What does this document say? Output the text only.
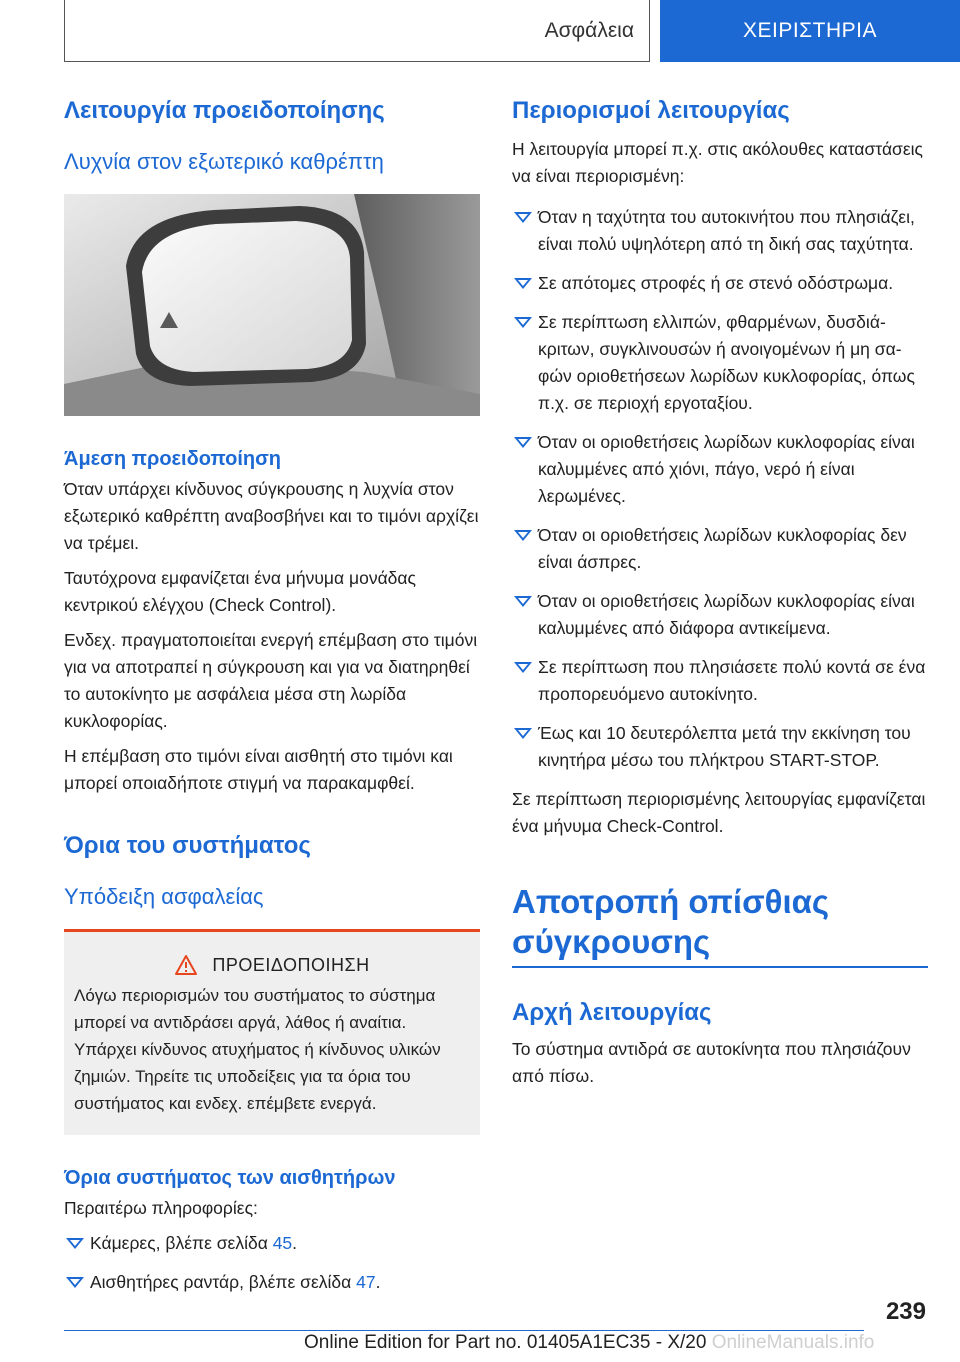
Ασφάλεια	ΧΕΙΡΙΣΤΗΡΙΑ
Λειτουργία προειδοποίησης
Λυχνία στον εξωτερικό καθρέπτη
Άμεση προειδοποίηση

Όταν υπάρχει κίνδυνος σύγκρουσης η λυχνία στον εξωτερικό καθρέπτη αναβοσβήνει και το τιμόνι αρχίζει να τρέμει.

Ταυτόχρονα εμφανίζεται ένα μήνυμα μονάδας κεντρικού ελέγχου (Check Control).

Ενδεχ. πραγματοποιείται ενεργή επέμβαση στο τιμόνι για να αποτραπεί η σύγκρουση και για να διατηρηθεί το αυτοκίνητο με ασφάλεια μέσα στη λωρίδα κυκλοφορίας.

Η επέμβαση στο τιμόνι είναι αισθητή στο τιμόνι και μπορεί οποιαδήποτε στιγμή να παρακαμφθεί.

Όρια του συστήματος
Υπόδειξη ασφαλείας
ΠΡΟΕΙΔΟΠΟΙΗΣΗ

Λόγω περιορισμών του συστήματος το σύστημα μπορεί να αντιδράσει αργά, λάθος ή αναίτια. Υπάρχει κίνδυνος ατυχήματος ή κίνδυνος υλικών ζημιών. Τηρείτε τις υποδείξεις για τα όρια του συστήματος και ενδεχ. επέμβετε ενεργά.

Όρια συστήματος των αισθητήρων

Περαιτέρω πληροφορίες:

Κάμερες, βλέπε σελίδα 45.
Αισθητήρες ραντάρ, βλέπε σελίδα 47.
Περιορισμοί λειτουργίας

Η λειτουργία μπορεί π.χ. στις ακόλουθες καταστάσεις να είναι περιορισμένη:

Όταν η ταχύτητα του αυτοκινήτου που πλησιάζει, είναι πολύ υψηλότερη από τη δική σας ταχύτητα.
Σε απότομες στροφές ή σε στενό οδόστρωμα.
Σε περίπτωση ελλιπών, φθαρμένων, δυσδιάκριτων, συγκλινουσών ή ανοιγομένων ή μη σαφών οριοθετήσεων λωρίδων κυκλοφορίας, όπως π.χ. σε περιοχή εργοταξίου.
Όταν οι οριοθετήσεις λωρίδων κυκλοφορίας είναι καλυμμένες από χιόνι, πάγο, νερό ή είναι λερωμένες.
Όταν οι οριοθετήσεις λωρίδων κυκλοφορίας δεν είναι άσπρες.
Όταν οι οριοθετήσεις λωρίδων κυκλοφορίας είναι καλυμμένες από διάφορα αντικείμενα.
Σε περίπτωση που πλησιάσετε πολύ κοντά σε ένα προπορευόμενο αυτοκίνητο.
Έως και 10 δευτερόλεπτα μετά την εκκίνηση του κινητήρα μέσω του πλήκτρου START-STOP.

Σε περίπτωση περιορισμένης λειτουργίας εμφανίζεται ένα μήνυμα Check-Control.

Αποτροπή οπίσθιας σύγκρουσης
Αρχή λειτουργίας

Το σύστημα αντιδρά σε αυτοκίνητα που πλησιάζουν από πίσω.

239
Online Edition for Part no. 01405A1EC35 - X/20 OnlineManuals.info
